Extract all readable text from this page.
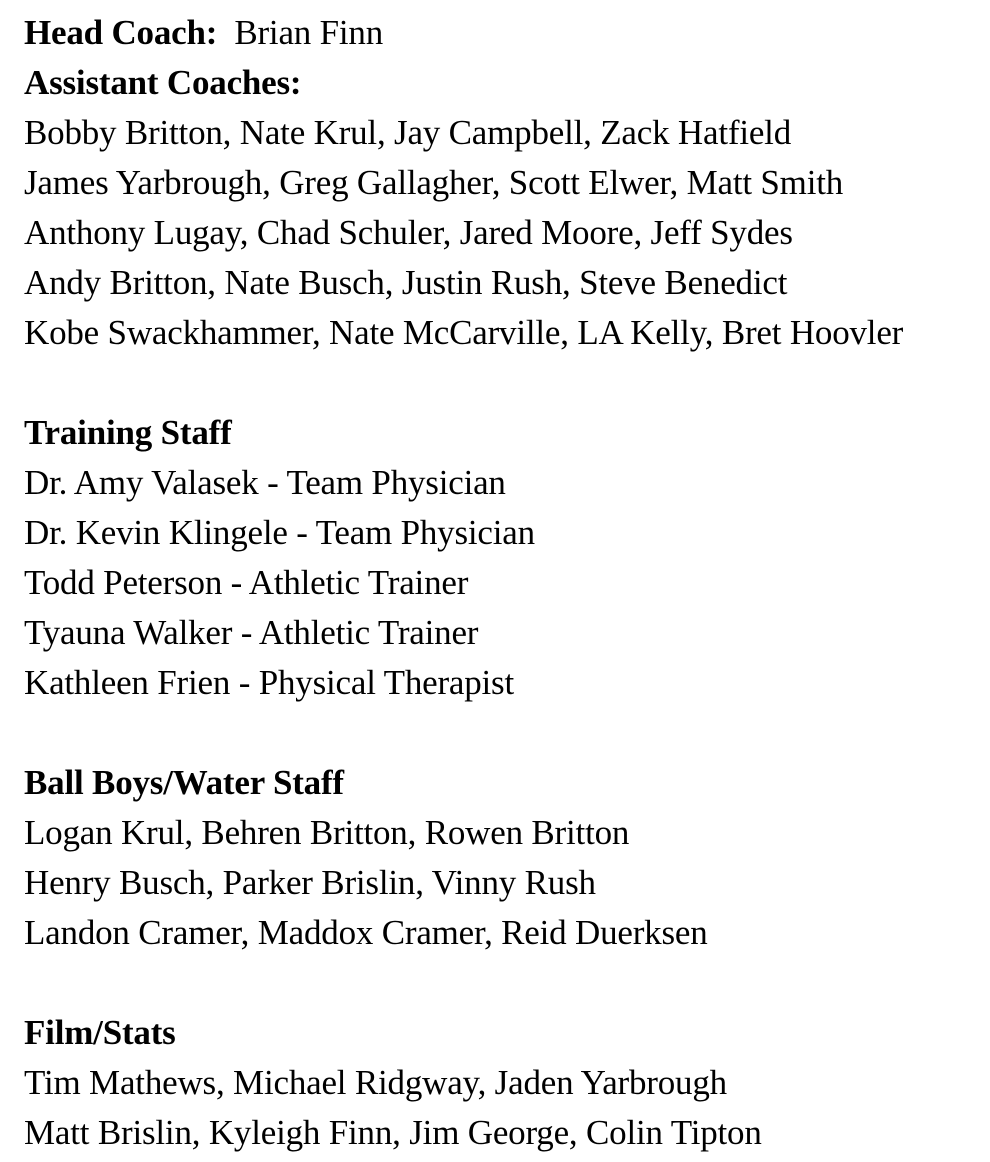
Head Coach: Brian Finn
Assistant Coaches:
Bobby Britton, Nate Krul, Jay Campbell, Zack Hatfield
James Yarbrough, Greg Gallagher, Scott Elwer, Matt Smith
Anthony Lugay, Chad Schuler, Jared Moore, Jeff Sydes
Andy Britton, Nate Busch, Justin Rush, Steve Benedict
Kobe Swackhammer, Nate McCarville, LA Kelly, Bret Hoovler
Training Staff
Dr. Amy Valasek - Team Physician
Dr. Kevin Klingele - Team Physician
Todd Peterson - Athletic Trainer
Tyauna Walker - Athletic Trainer
Kathleen Frien - Physical Therapist
Ball Boys/Water Staff
Logan Krul, Behren Britton, Rowen Britton
Henry Busch, Parker Brislin, Vinny Rush
Landon Cramer, Maddox Cramer, Reid Duerksen
Film/Stats
Tim Mathews, Michael Ridgway, Jaden Yarbrough
Matt Brislin, Kyleigh Finn, Jim George, Colin Tipton
